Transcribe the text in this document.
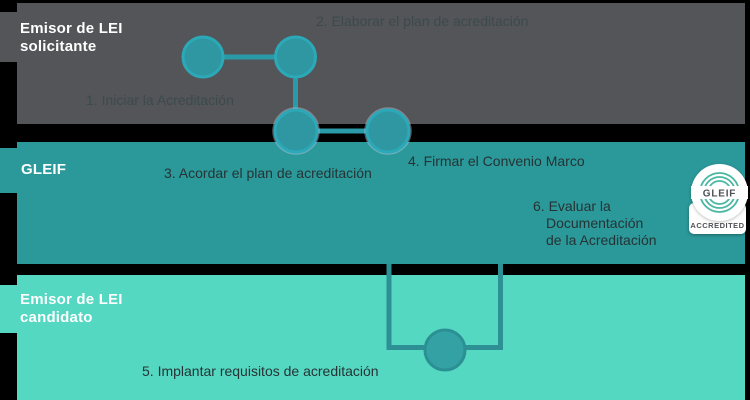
Emisor de LEI
solicitante
GLEIF
Emisor de LEI
candidato
1. Iniciar la Acreditación
2. Elaborar el plan de acreditación
3. Acordar el plan de acreditación
4. Firmar el Convenio Marco
5. Implantar requisitos de acreditación
6. Evaluar la
Documentación
de la Acreditación
ACCREDITED
GLEIF
